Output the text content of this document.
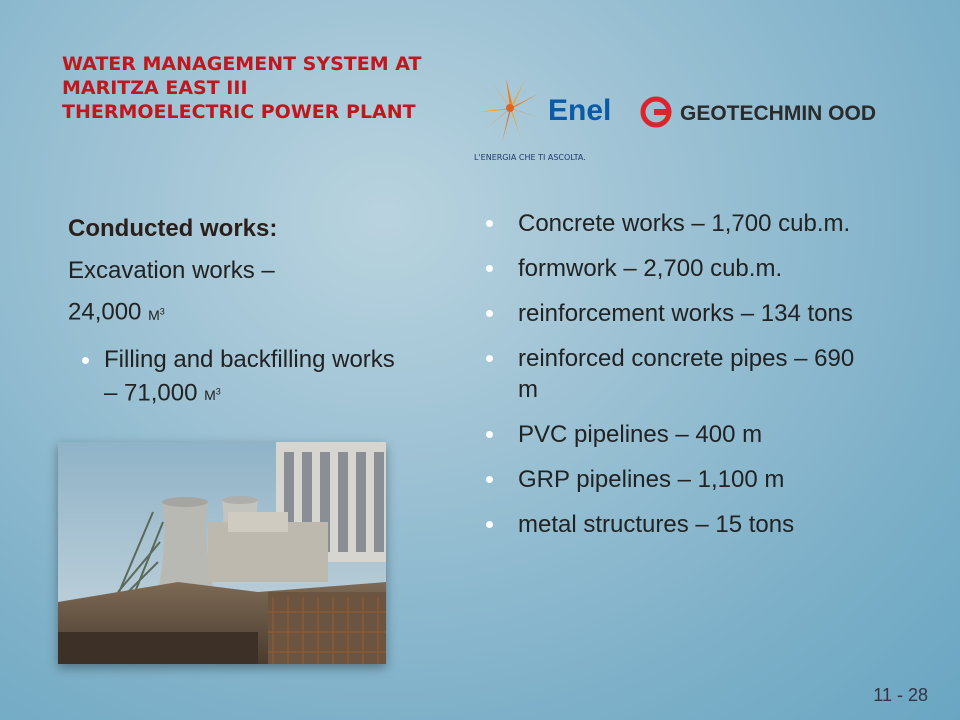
WATER MANAGEMENT SYSTEM AT MARITZA EAST III THERMOELECTRIC POWER PLANT	Enel
L'ENERGIA CHE TI ASCOLTA.
GEOTECHMIN OOD
Conducted works:
Excavation works –
24,000 $M^3$
Filling and backfilling works – 71,000 $M^3$
Concrete works – 1,700 cub.m.
formwork – 2,700 cub.m.
reinforcement works – 134 tons
reinforced concrete pipes – 690 m
PVC pipelines – 400 m
GRP pipelines – 1,100 m
metal structures – 15 tons
11 - 28
